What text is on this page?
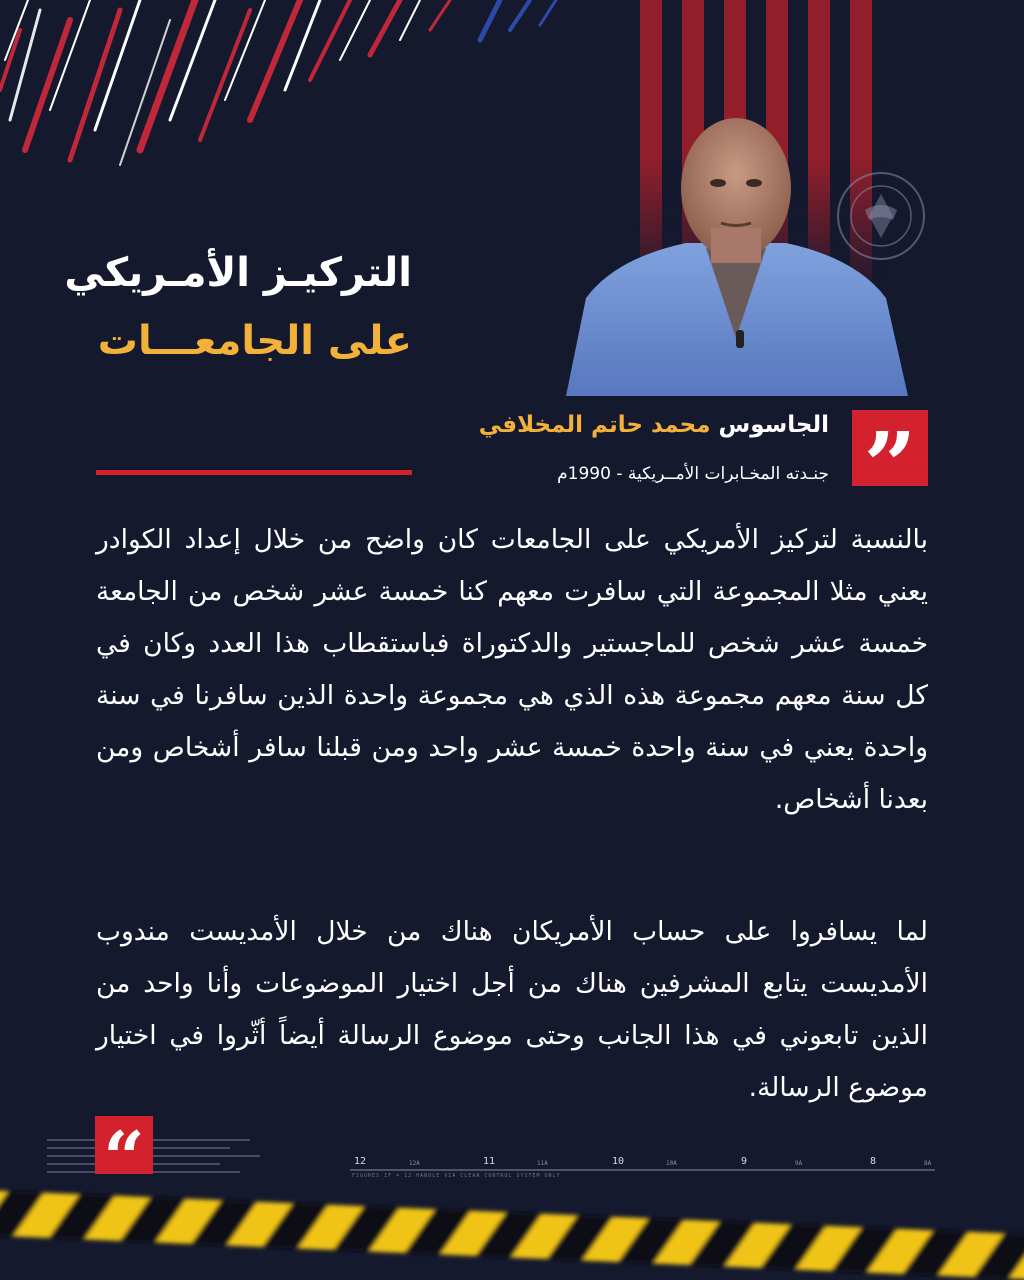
التركيـز الأمـريكي
على الجامعـــات
”
الجاسوس محمد حاتم المخلافي
جنـدته المخـابرات الأمــريكية - 1990م

بالنسبة لتركيز الأمريكي على الجامعات كان واضح من خلال إعداد الكوادر يعني مثلا المجموعة التي سافرت معهم كنا خمسة عشر شخص من الجامعة خمسة عشر شخص للماجستير والدكتوراة فباستقطاب هذا العدد وكان في كل سنة معهم مجموعة هذه الذي هي مجموعة واحدة الذين سافرنا في سنة واحدة يعني في سنة واحدة خمسة عشر واحد ومن قبلنا سافر أشخاص ومن بعدنا أشخاص.

لما يسافروا على حساب الأمريكان هناك من خلال الأمديست مندوب الأمديست يتابع المشرفين هناك من أجل اختيار الموضوعات وأنا واحد من الذين تابعوني في هذا الجانب وحتى موضوع الرسالة أيضاً أثّروا في اختيار موضوع الرسالة.

“	12	12A	11	11A	10	10A	9	9A	8	8A
FIGURES IF = 12 HANDLE VIA CLEAN CONTROL SYSTEM ONLY
